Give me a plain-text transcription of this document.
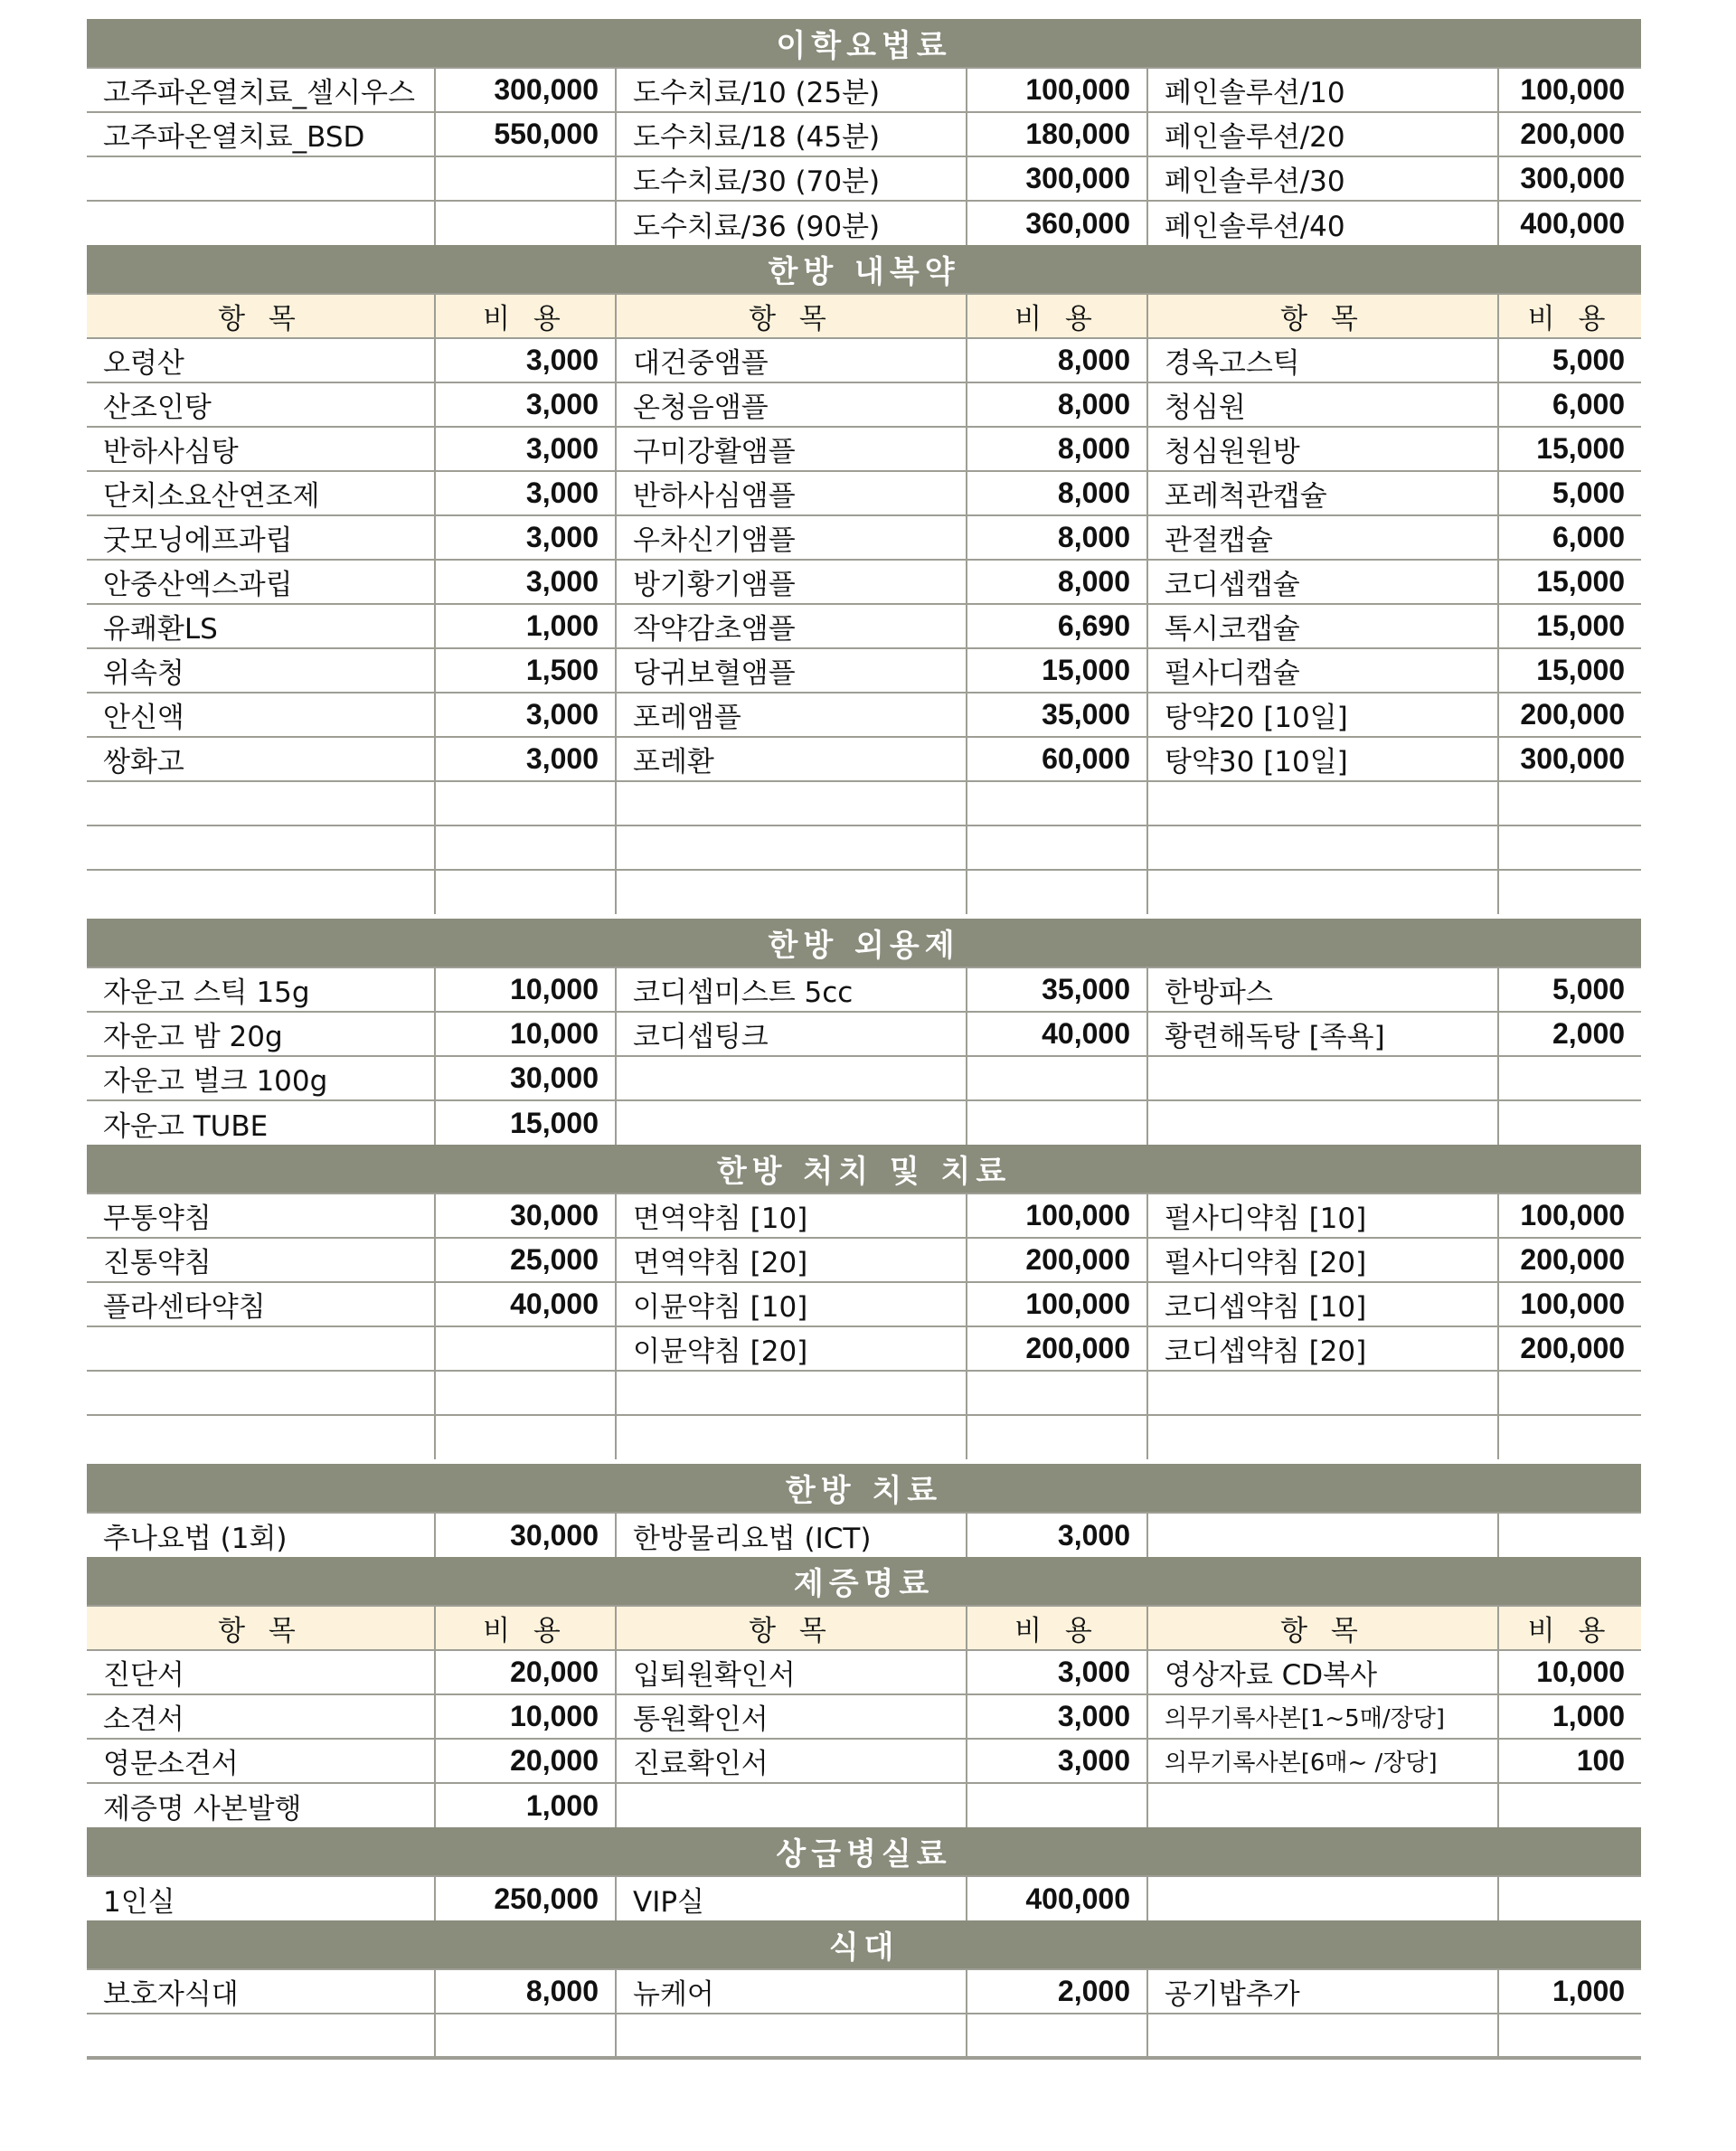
이학요법료					
고주파온열치료_셀시우스	300,000	도수치료/10 (25분)	100,000	페인솔루션/10	100,000
고주파온열치료_BSD	550,000	도수치료/18 (45분)	180,000	페인솔루션/20	200,000
		도수치료/30 (70분)	300,000	페인솔루션/30	300,000
		도수치료/36 (90분)	360,000	페인솔루션/40	400,000
한방 내복약					
항 목	비 용	항 목	비 용	항 목	비 용
오령산	3,000	대건중앰플	8,000	경옥고스틱	5,000
산조인탕	3,000	온청음앰플	8,000	청심원	6,000
반하사심탕	3,000	구미강활앰플	8,000	청심원원방	15,000
단치소요산연조제	3,000	반하사심앰플	8,000	포레척관캡슐	5,000
굿모닝에프과립	3,000	우차신기앰플	8,000	관절캡슐	6,000
안중산엑스과립	3,000	방기황기앰플	8,000	코디셉캡슐	15,000
유쾌환LS	1,000	작약감초앰플	6,690	톡시코캡슐	15,000
위속청	1,500	당귀보혈앰플	15,000	펄사디캡슐	15,000
안신액	3,000	포레앰플	35,000	탕약20 [10일]	200,000
쌍화고	3,000	포레환	60,000	탕약30 [10일]	300,000

한방 외용제					
자운고 스틱 15g	10,000	코디셉미스트 5cc	35,000	한방파스	5,000
자운고 밤 20g	10,000	코디셉팅크	40,000	황련해독탕 [족욕]	2,000
자운고 벌크 100g	30,000				
자운고 TUBE	15,000				
한방 처치 및 치료					
무통약침	30,000	면역약침 [10]	100,000	펄사디약침 [10]	100,000
진통약침	25,000	면역약침 [20]	200,000	펄사디약침 [20]	200,000
플라센타약침	40,000	이뮨약침 [10]	100,000	코디셉약침 [10]	100,000
		이뮨약침 [20]	200,000	코디셉약침 [20]	200,000

한방 치료					
추나요법 (1회)	30,000	한방물리요법 (ICT)	3,000		
제증명료					
항 목	비 용	항 목	비 용	항 목	비 용
진단서	20,000	입퇴원확인서	3,000	영상자료 CD복사	10,000
소견서	10,000	통원확인서	3,000	의무기록사본[1~5매/장당]	1,000
영문소견서	20,000	진료확인서	3,000	의무기록사본[6매~ /장당]	100
제증명 사본발행	1,000				
상급병실료					
1인실	250,000	VIP실	400,000		
식대					
보호자식대	8,000	뉴케어	2,000	공기밥추가	1,000
